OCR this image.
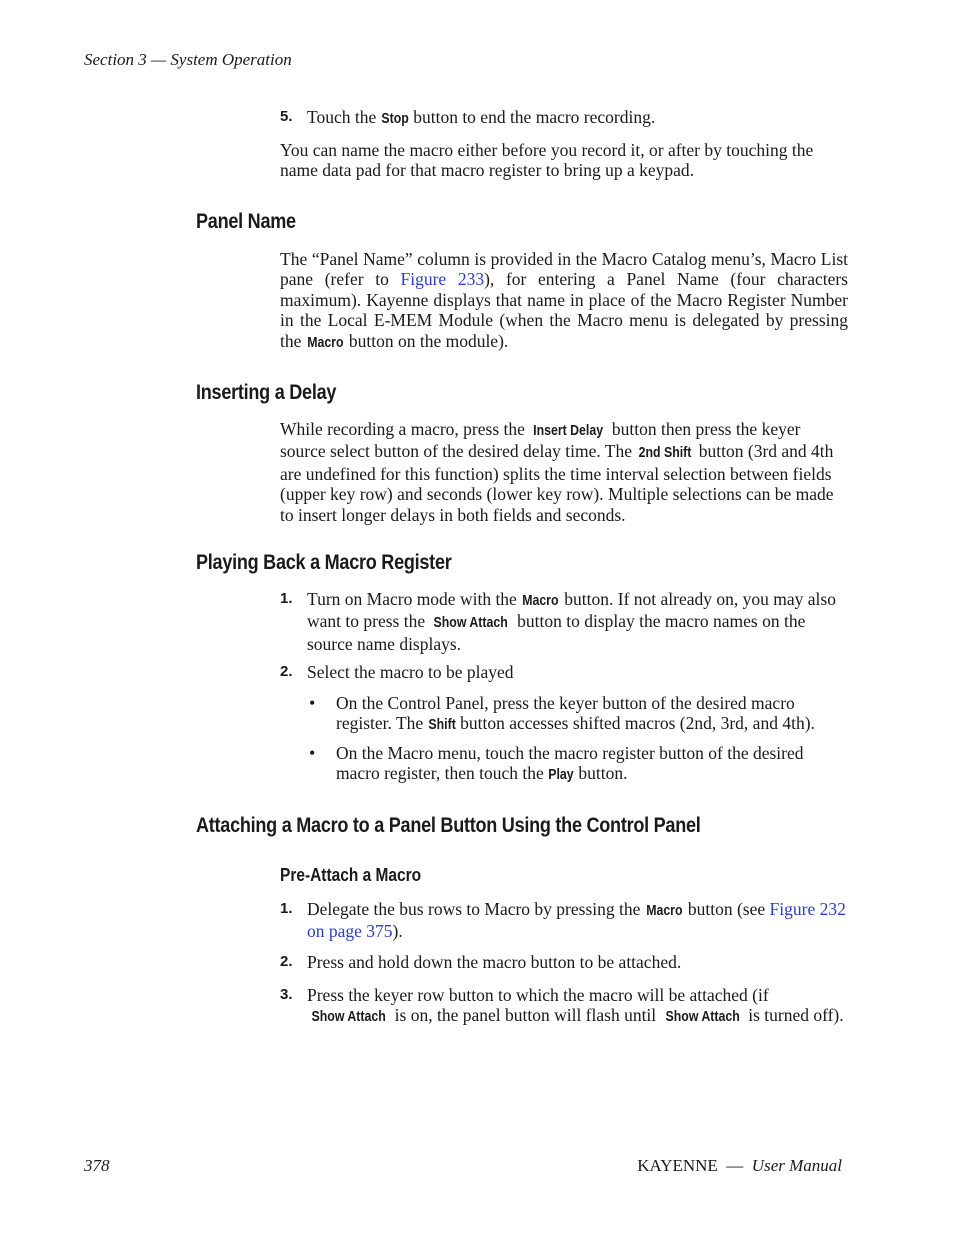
Section 3 — System Operation
5. Touch the Stop button to end the macro recording.

You can name the macro either before you record it, or after by touching the name data pad for that macro register to bring up a keypad.

Panel Name

The “Panel Name” column is provided in the Macro Catalog menu’s, Macro List pane (refer to Figure 233), for entering a Panel Name (four characters maximum). Kayenne displays that name in place of the Macro Register Number in the Local E-MEM Module (when the Macro menu is delegated by pressing the Macro button on the module).

Inserting a Delay

While recording a macro, press the Insert Delay button then press the keyer source select button of the desired delay time. The 2nd Shift button (3rd and 4th are undefined for this function) splits the time interval selection between fields (upper key row) and seconds (lower key row). Multiple selections can be made to insert longer delays in both fields and seconds.

Playing Back a Macro Register
1. Turn on Macro mode with the Macro button. If not already on, you may also want to press the Show Attach button to display the macro names on the source name displays.

2. Select the macro to be played

• On the Control Panel, press the keyer button of the desired macro register. The Shift button accesses shifted macros (2nd, 3rd, and 4th).

• On the Macro menu, touch the macro register button of the desired macro register, then touch the Play button.

Attaching a Macro to a Panel Button Using the Control Panel
Pre-Attach a Macro
1. Delegate the bus rows to Macro by pressing the Macro button (see Figure 232 on page 375).

2. Press and hold down the macro button to be attached.

3. Press the keyer row button to which the macro will be attached (if Show Attach is on, the panel button will flash until Show Attach is turned off).

378	KAYENNE — User Manual
